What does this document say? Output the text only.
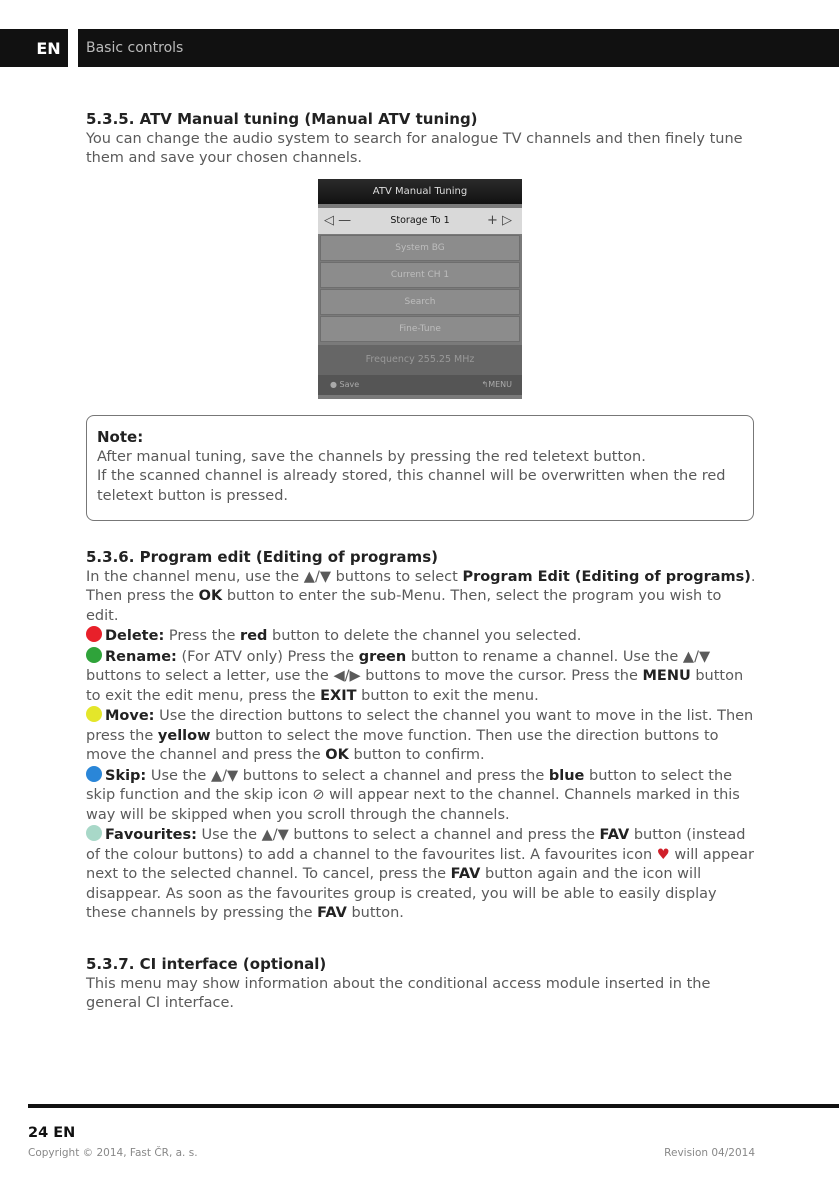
EN	Basic controls

5.3.5. ATV Manual tuning (Manual ATV tuning)

You can change the audio system to search for analogue TV channels and then finely tune them and save your chosen channels.

ATV Manual Tuning
◁ —	Storage To 1	+ ▷
System BG
Current CH 1
Search
Fine-Tune
Frequency 255.25 MHz
● Save	↰MENU

Note:

After manual tuning, save the channels by pressing the red teletext button.

If the scanned channel is already stored, this channel will be overwritten when the red teletext button is pressed.

5.3.6. Program edit (Editing of programs)

In the channel menu, use the ▲/▼ buttons to select Program Edit (Editing of programs). Then press the OK button to enter the sub-Menu. Then, select the program you wish to edit.

Delete: Press the red button to delete the channel you selected.

Rename: (For ATV only) Press the green button to rename a channel. Use the ▲/▼ buttons to select a letter, use the ◀/▶ buttons to move the cursor. Press the MENU button to exit the edit menu, press the EXIT button to exit the menu.

Move: Use the direction buttons to select the channel you want to move in the list. Then press the yellow button to select the move function. Then use the direction buttons to move the channel and press the OK button to confirm.

Skip: Use the ▲/▼ buttons to select a channel and press the blue button to select the skip function and the skip icon ⊘ will appear next to the channel. Channels marked in this way will be skipped when you scroll through the channels.

Favourites: Use the ▲/▼ buttons to select a channel and press the FAV button (instead of the colour buttons) to add a channel to the favourites list. A favourites icon ♥ will appear next to the selected channel. To cancel, press the FAV button again and the icon will disappear. As soon as the favourites group is created, you will be able to easily display these channels by pressing the FAV button.

5.3.7. CI interface (optional)

This menu may show information about the conditional access module inserted in the general CI interface.

24 EN
Copyright © 2014, Fast ČR, a. s.	Revision 04/2014
